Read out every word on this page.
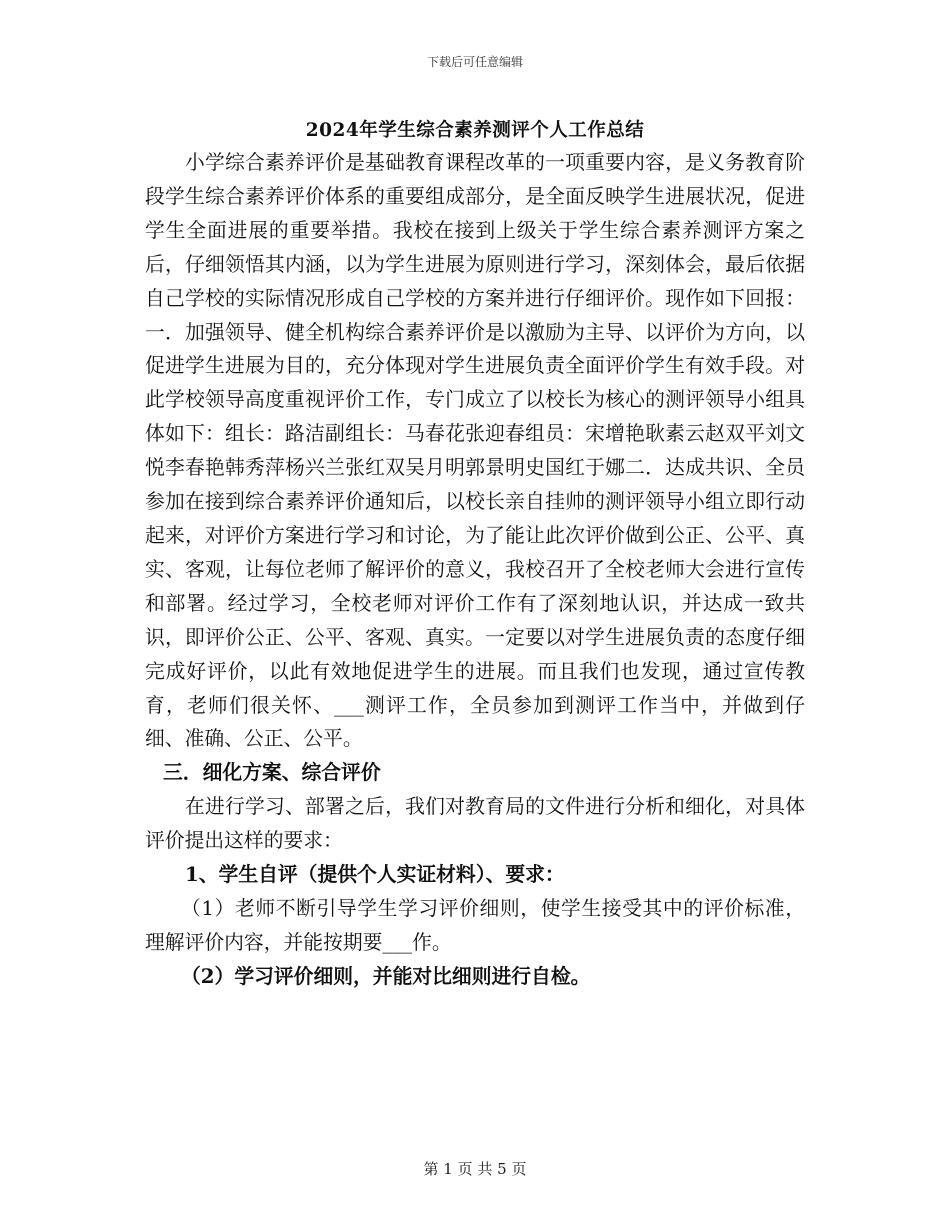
下载后可任意编辑
2024年学生综合素养测评个人工作总结

小学综合素养评价是基础教育课程改革的一项重要内容，是义务教育阶段学生综合素养评价体系的重要组成部分，是全面反映学生进展状况，促进学生全面进展的重要举措。我校在接到上级关于学生综合素养测评方案之后，仔细领悟其内涵，以为学生进展为原则进行学习，深刻体会，最后依据自己学校的实际情况形成自己学校的方案并进行仔细评价。现作如下回报：一．加强领导、健全机构综合素养评价是以激励为主导、以评价为方向，以促进学生进展为目的，充分体现对学生进展负责全面评价学生有效手段。对此学校领导高度重视评价工作，专门成立了以校长为核心的测评领导小组具体如下：组长：路洁副组长：马春花张迎春组员：宋增艳耿素云赵双平刘文悦李春艳韩秀萍杨兴兰张红双吴月明郭景明史国红于娜二．达成共识、全员参加在接到综合素养评价通知后，以校长亲自挂帅的测评领导小组立即行动起来，对评价方案进行学习和讨论，为了能让此次评价做到公正、公平、真实、客观，让每位老师了解评价的意义，我校召开了全校老师大会进行宣传和部署。经过学习，全校老师对评价工作有了深刻地认识，并达成一致共识，即评价公正、公平、客观、真实。一定要以对学生进展负责的态度仔细完成好评价，以此有效地促进学生的进展。而且我们也发现，通过宣传教育，老师们很关怀、___测评工作，全员参加到测评工作当中，并做到仔细、准确、公正、公平。

三．细化方案、综合评价

在进行学习、部署之后，我们对教育局的文件进行分析和细化，对具体评价提出这样的要求：

1、学生自评（提供个人实证材料）、要求：

（1）老师不断引导学生学习评价细则，使学生接受其中的评价标准，理解评价内容，并能按期要___作。

（2）学习评价细则，并能对比细则进行自检。

第 1 页 共 5 页
